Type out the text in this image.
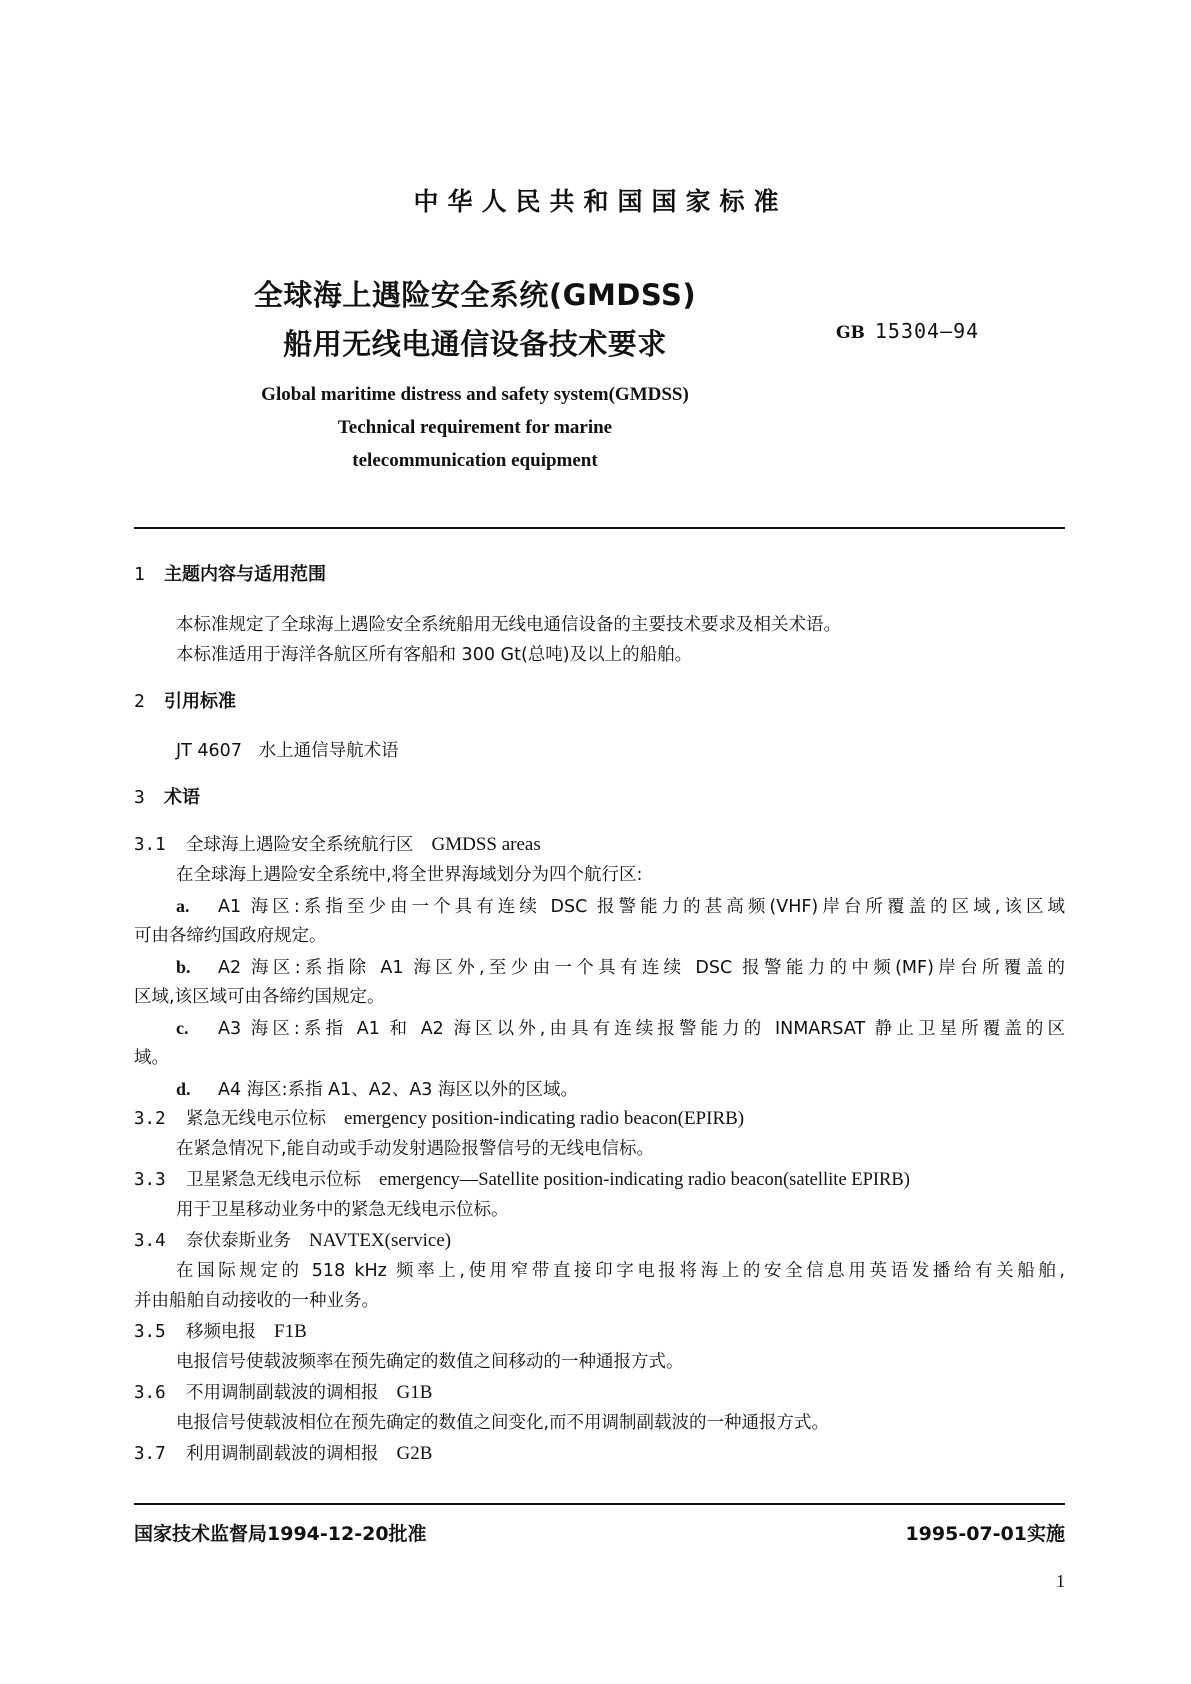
中华人民共和国国家标准
全球海上遇险安全系统(GMDSS)
船用无线电通信设备技术要求	GB 15304—94
Global maritime distress and safety system(GMDSS)
Technical requirement for marine
telecommunication equipment
1 主题内容与适用范围
本标准规定了全球海上遇险安全系统船用无线电通信设备的主要技术要求及相关术语。
本标准适用于海洋各航区所有客船和 300 Gt(总吨)及以上的船舶。
2 引用标准
JT 4607   水上通信导航术语
3 术语
3.1 全球海上遇险安全系统航行区 GMDSS areas
在全球海上遇险安全系统中,将全世界海域划分为四个航行区:
a. A1 海区:系指至少由一个具有连续 DSC 报警能力的甚高频(VHF)岸台所覆盖的区域,该区域
可由各缔约国政府规定。
b. A2 海区:系指除 A1 海区外,至少由一个具有连续 DSC 报警能力的中频(MF)岸台所覆盖的
区域,该区域可由各缔约国规定。
c. A3 海区:系指 A1 和 A2 海区以外,由具有连续报警能力的 INMARSAT 静止卫星所覆盖的区
域。
d. A4 海区:系指 A1、A2、A3 海区以外的区域。
3.2 紧急无线电示位标 emergency position-indicating radio beacon(EPIRB)
在紧急情况下,能自动或手动发射遇险报警信号的无线电信标。
3.3 卫星紧急无线电示位标 emergency—Satellite position-indicating radio beacon(satellite EPIRB)
用于卫星移动业务中的紧急无线电示位标。
3.4 奈伏泰斯业务 NAVTEX(service)
在国际规定的 518 kHz 频率上,使用窄带直接印字电报将海上的安全信息用英语发播给有关船舶,
并由船舶自动接收的一种业务。
3.5 移频电报 F1B
电报信号使载波频率在预先确定的数值之间移动的一种通报方式。
3.6 不用调制副载波的调相报 G1B
电报信号使载波相位在预先确定的数值之间变化,而不用调制副载波的一种通报方式。
3.7 利用调制副载波的调相报 G2B
国家技术监督局1994-12-20批准	1995-07-01实施
1
